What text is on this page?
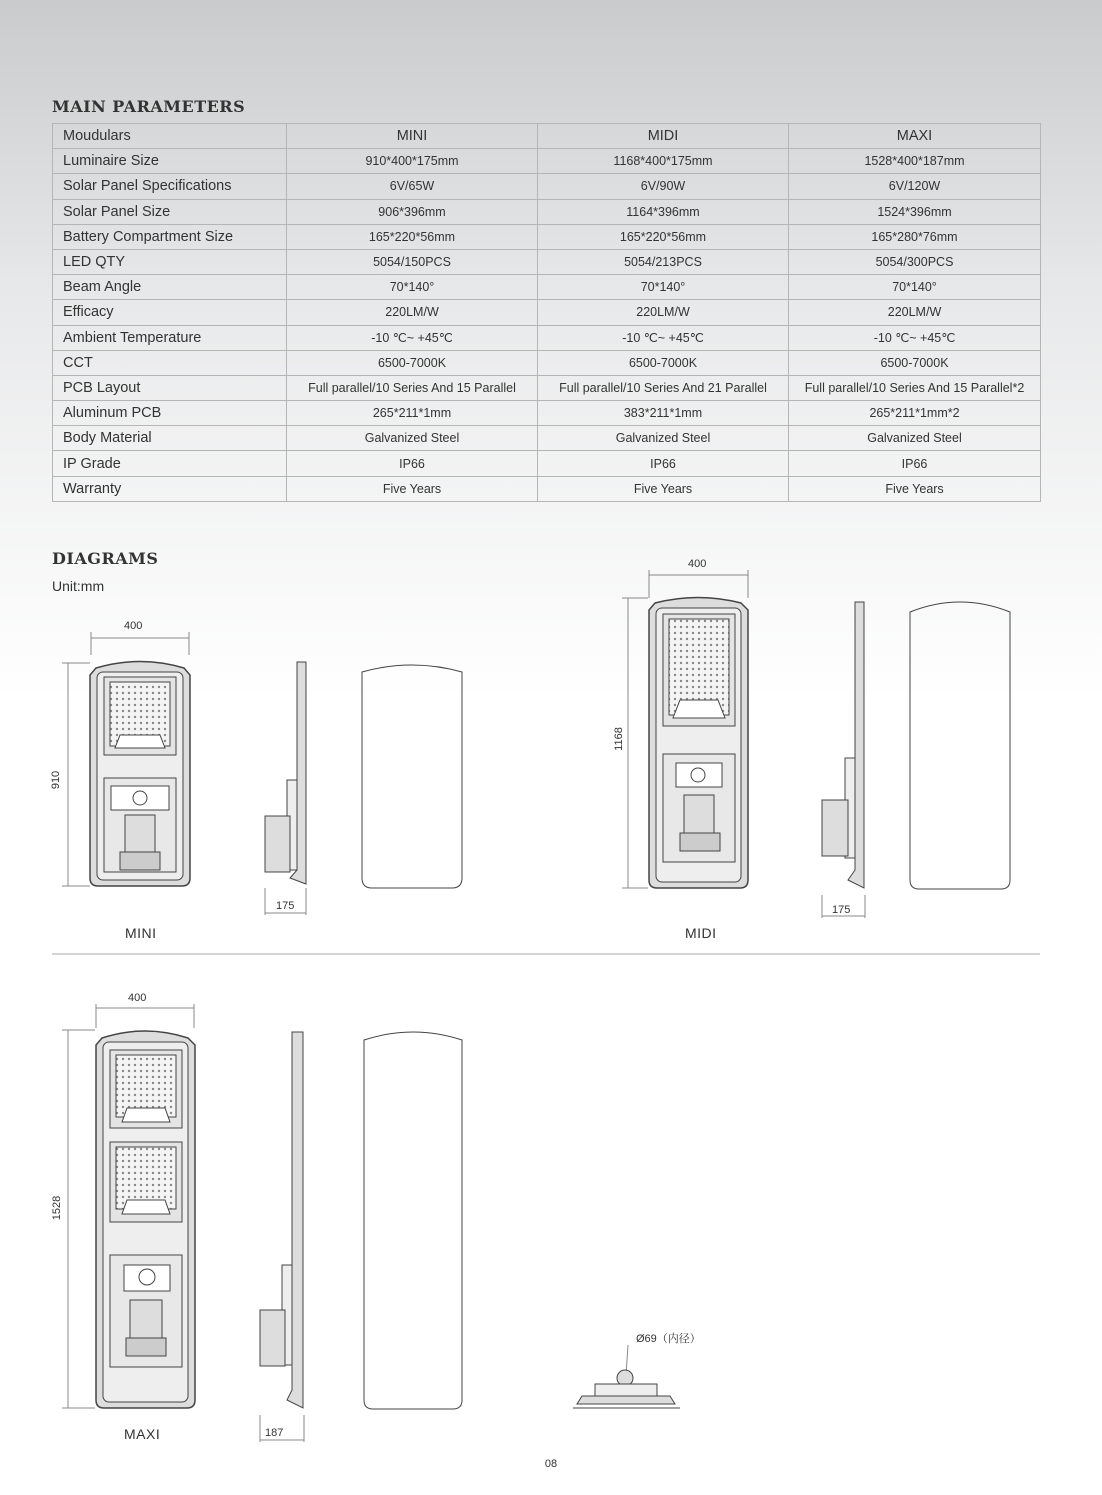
MAIN PARAMETERS
Moudulars	MINI	MIDI	MAXI
Luminaire Size	910*400*175mm	1168*400*175mm	1528*400*187mm
Solar Panel Specifications	6V/65W	6V/90W	6V/120W
Solar Panel Size	906*396mm	1164*396mm	1524*396mm
Battery Compartment Size	165*220*56mm	165*220*56mm	165*280*76mm
LED QTY	5054/150PCS	5054/213PCS	5054/300PCS
Beam Angle	70*140°	70*140°	70*140°
Efficacy	220LM/W	220LM/W	220LM/W
Ambient Temperature	-10 ℃~ +45℃	-10 ℃~ +45℃	-10 ℃~ +45℃
CCT	6500-7000K	6500-7000K	6500-7000K
PCB Layout	Full parallel/10 Series And 15 Parallel	Full parallel/10 Series And 21 Parallel	Full parallel/10 Series And 15 Parallel*2
Aluminum PCB	265*211*1mm	383*211*1mm	265*211*1mm*2
Body Material	Galvanized Steel	Galvanized Steel	Galvanized Steel
IP Grade	IP66	IP66	IP66
Warranty	Five Years	Five Years	Five Years
DIAGRAMS
Unit:mm
400
910
175
MINI
400
1168
175
MIDI
400
1528
187
MAXI
Ø69（内径）
08
